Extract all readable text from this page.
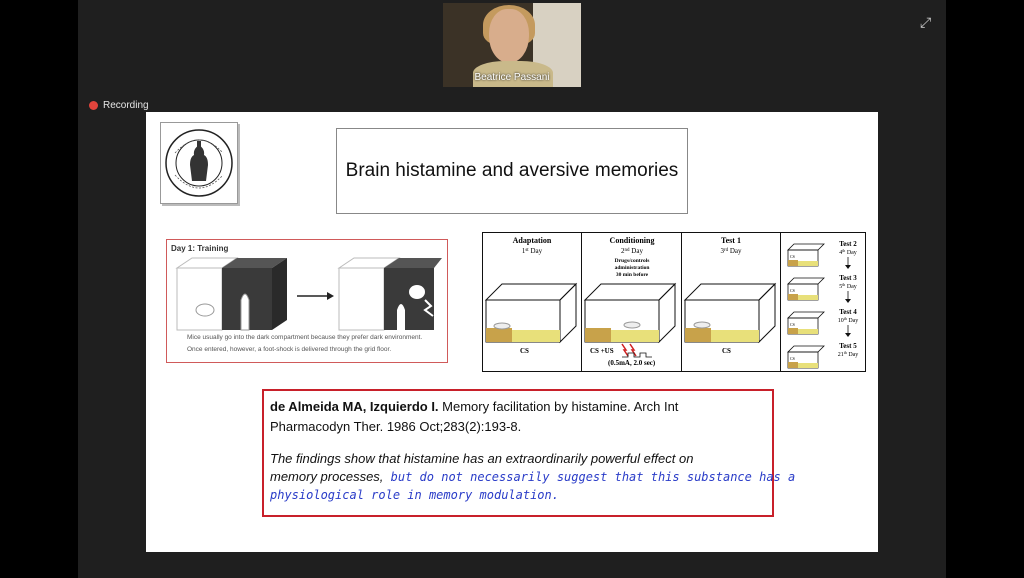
Beatrice Passani
⤢
Recording
Brain histamine and aversive memories
Day 1: Training
Mice usually go into the dark compartment because they prefer dark environment.
Once entered, however, a foot-shock is delivered through the grid floor.
Adaptation
1st Day
CS
Conditioning
2nd Day
Drugs/controls
administration
30 min before
CS +US
(0.5mA, 2.0 sec)
Test 1
3rd Day
CS
CS
Test 2
4th Day
CS
Test 3
5th Day
CS
Test 4
10th Day
CS
Test 5
21th Day
de Almeida MA, Izquierdo I. Memory facilitation by histamine. Arch Int
Pharmacodyn Ther. 1986 Oct;283(2):193-8.
The findings show that histamine has an extraordinarily powerful effect on
memory processes, but do not necessarily suggest that this substance has a
physiological role in memory modulation.
